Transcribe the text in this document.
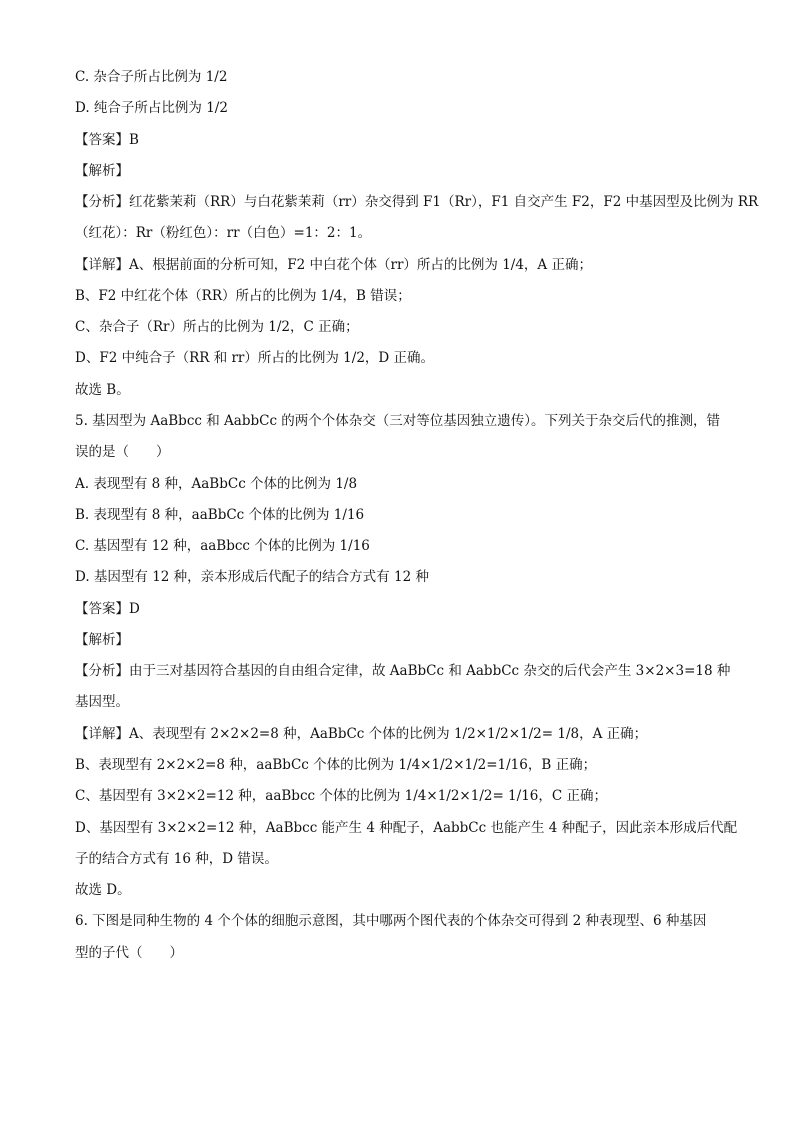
C. 杂合子所占比例为 1/2
D. 纯合子所占比例为 1/2
【答案】B
【解析】
【分析】红花紫茉莉（RR）与白花紫茉莉（rr）杂交得到 F1（Rr），F1 自交产生 F2，F2 中基因型及比例为 RR
（红花）：Rr（粉红色）：rr（白色）=1：2：1。
【详解】A、根据前面的分析可知，F2 中白花个体（rr）所占的比例为 1/4，A 正确；
B、F2 中红花个体（RR）所占的比例为 1/4，B 错误；
C、杂合子（Rr）所占的比例为 1/2，C 正确；
D、F2 中纯合子（RR 和 rr）所占的比例为 1/2，D 正确。
故选 B。
5. 基因型为 AaBbcc 和 AabbCc 的两个个体杂交（三对等位基因独立遗传）。下列关于杂交后代的推测，错
误的是（　　）
A. 表现型有 8 种，AaBbCc 个体的比例为 1/8
B. 表现型有 8 种，aaBbCc 个体的比例为 1/16
C. 基因型有 12 种，aaBbcc 个体的比例为 1/16
D. 基因型有 12 种，亲本形成后代配子的结合方式有 12 种
【答案】D
【解析】
【分析】由于三对基因符合基因的自由组合定律，故 AaBbCc 和 AabbCc 杂交的后代会产生 3×2×3=18 种
基因型。
【详解】A、表现型有 2×2×2=8 种，AaBbCc 个体的比例为 1/2×1/2×1/2= 1/8，A 正确；
B、表现型有 2×2×2=8 种，aaBbCc 个体的比例为 1/4×1/2×1/2=1/16，B 正确；
C、基因型有 3×2×2=12 种，aaBbcc 个体的比例为 1/4×1/2×1/2= 1/16，C 正确；
D、基因型有 3×2×2=12 种，AaBbcc 能产生 4 种配子，AabbCc 也能产生 4 种配子，因此亲本形成后代配
子的结合方式有 16 种，D 错误。
故选 D。
6. 下图是同种生物的 4 个个体的细胞示意图，其中哪两个图代表的个体杂交可得到 2 种表现型、6 种基因
型的子代（　　）
